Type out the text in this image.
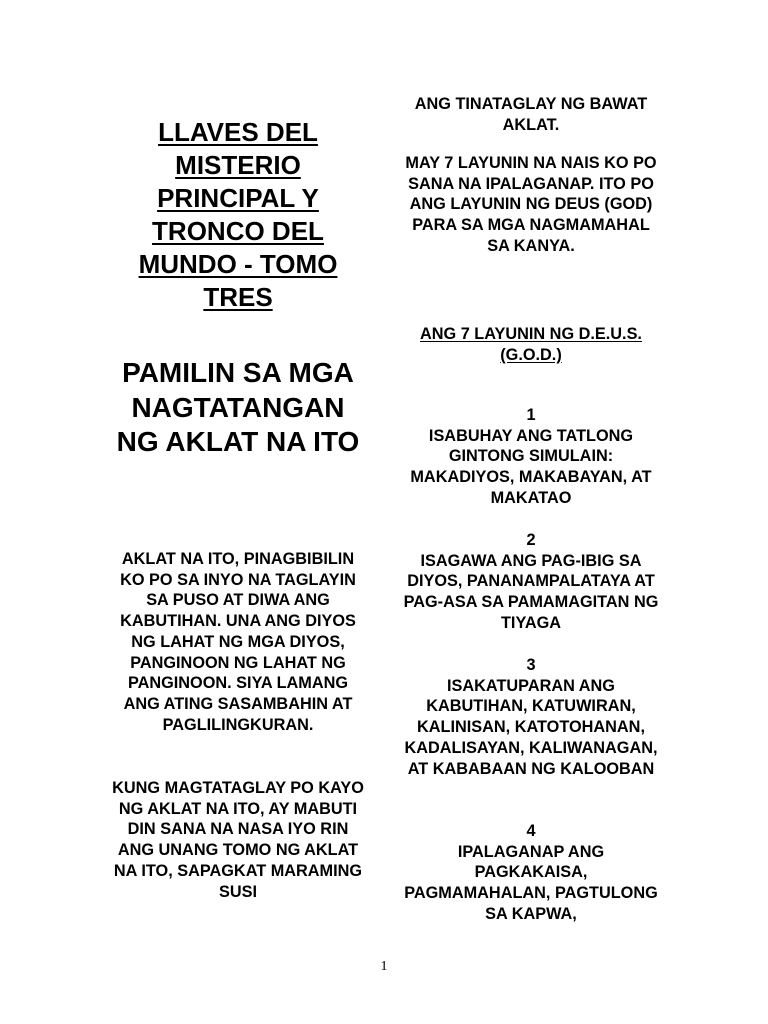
LLAVES DEL MISTERIO PRINCIPAL Y TRONCO DEL MUNDO - TOMO TRES
PAMILIN SA MGA NAGTATANGAN NG AKLAT NA ITO

AKLAT NA ITO, PINAGBIBILIN KO PO SA INYO NA TAGLAYIN SA PUSO AT DIWA ANG KABUTIHAN. UNA ANG DIYOS NG LAHAT NG MGA DIYOS, PANGINOON NG LAHAT NG PANGINOON. SIYA LAMANG ANG ATING SASAMBAHIN AT PAGLILINGKURAN.

KUNG MAGTATAGLAY PO KAYO NG AKLAT NA ITO, AY MABUTI DIN SANA NA NASA IYO RIN ANG UNANG TOMO NG AKLAT NA ITO, SAPAGKAT MARAMING SUSI

ANG TINATAGLAY NG BAWAT AKLAT.

MAY 7 LAYUNIN NA NAIS KO PO SANA NA IPALAGANAP. ITO PO ANG LAYUNIN NG DEUS (GOD) PARA SA MGA NAGMAMAHAL SA KANYA.

ANG 7 LAYUNIN NG D.E.U.S. (G.O.D.)

1
ISABUHAY ANG TATLONG GINTONG SIMULAIN: MAKADIYOS, MAKABAYAN, AT MAKATAO
2
ISAGAWA ANG PAG-IBIG SA DIYOS, PANANAMPALATAYA AT PAG-ASA SA PAMAMAGITAN NG TIYAGA
3
ISAKATUPARAN ANG KABUTIHAN, KATUWIRAN, KALINISAN, KATOTOHANAN, KADALISAYAN, KALIWANAGAN, AT KABABAAN NG KALOOBAN
4
IPALAGANAP ANG PAGKAKAISA, PAGMAMAHALAN, PAGTULONG SA KAPWA,
1
